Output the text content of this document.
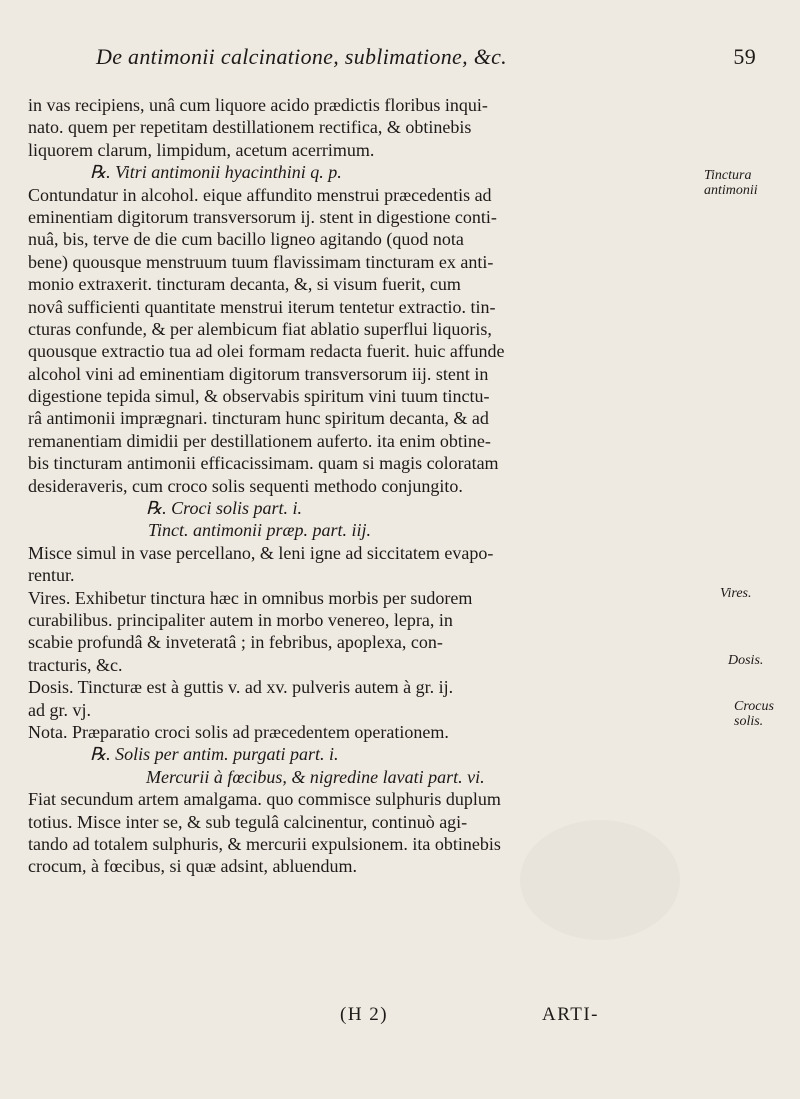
De antimonii calcinatione, sublimatione, &c.	59
in vas recipiens, unâ cum liquore acido prædictis floribus inqui-
nato. quem per repetitam destillationem rectifica, & obtinebis
liquorem clarum, limpidum, acetum acerrimum.
℞. Vitri antimonii hyacinthini q. p.
Contundatur in alcohol. eique affundito menstrui præcedentis ad
eminentiam digitorum transversorum ij. stent in digestione conti-
nuâ, bis, terve de die cum bacillo ligneo agitando (quod nota
bene) quousque menstruum tuum flavissimam tincturam ex anti-
monio extraxerit. tincturam decanta, &, si visum fuerit, cum
novâ sufficienti quantitate menstrui iterum tentetur extractio. tin-
cturas confunde, & per alembicum fiat ablatio superflui liquoris,
quousque extractio tua ad olei formam redacta fuerit. huic affunde
alcohol vini ad eminentiam digitorum transversorum iij. stent in
digestione tepida simul, & observabis spiritum vini tuum tinctu-
râ antimonii imprægnari. tincturam hunc spiritum decanta, & ad
remanentiam dimidii per destillationem auferto. ita enim obtine-
bis tincturam antimonii efficacissimam. quam si magis coloratam
desideraveris, cum croco solis sequenti methodo conjungito.
℞. Croci solis part. i.
Tinct. antimonii præp. part. iij.
Misce simul in vase percellano, & leni igne ad siccitatem evapo-
rentur.
Vires. Exhibetur tinctura hæc in omnibus morbis per sudorem
curabilibus. principaliter autem in morbo venereo, lepra, in
scabie profundâ & inveteratâ ; in febribus, apoplexa, con-
tracturis, &c.
Dosis. Tincturæ est à guttis v. ad xv. pulveris autem à gr. ij.
ad gr. vj.
Nota. Præparatio croci solis ad præcedentem operationem.
℞. Solis per antim. purgati part. i.
Mercurii à fœcibus, & nigredine lavati part. vi.
Fiat secundum artem amalgama. quo commisce sulphuris duplum
totius. Misce inter se, & sub tegulâ calcinentur, continuò agi-
tando ad totalem sulphuris, & mercurii expulsionem. ita obtinebis
crocum, à fœcibus, si quæ adsint, abluendum.
Tinctura antimonii
Vires.
Dosis.
Crocus solis.
(H 2)	ARTI-
